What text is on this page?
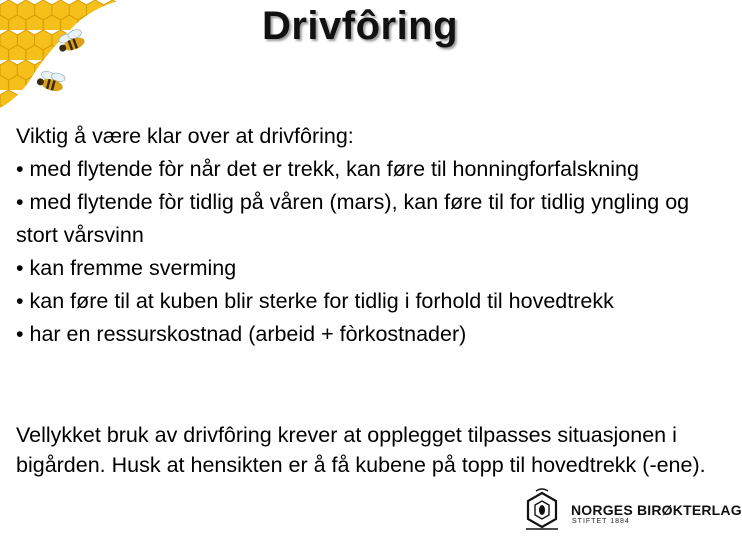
Drivfôring

Viktig å være klar over at drivfôring:

• med flytende fòr når det er trekk, kan føre til honningforfalskning

• med flytende fòr tidlig på våren (mars), kan føre til for tidlig yngling og stort vårsvinn

• kan fremme sverming

• kan føre til at kuben blir sterke for tidlig i forhold til hovedtrekk

• har en ressurskostnad (arbeid + fòrkostnader)

Vellykket bruk av drivfôring krever at opplegget tilpasses situasjonen i bigården. Husk at hensikten er å få kubene på topp til hovedtrekk (-ene).

NORGES BIRØKTERLAG
STIFTET 1884
